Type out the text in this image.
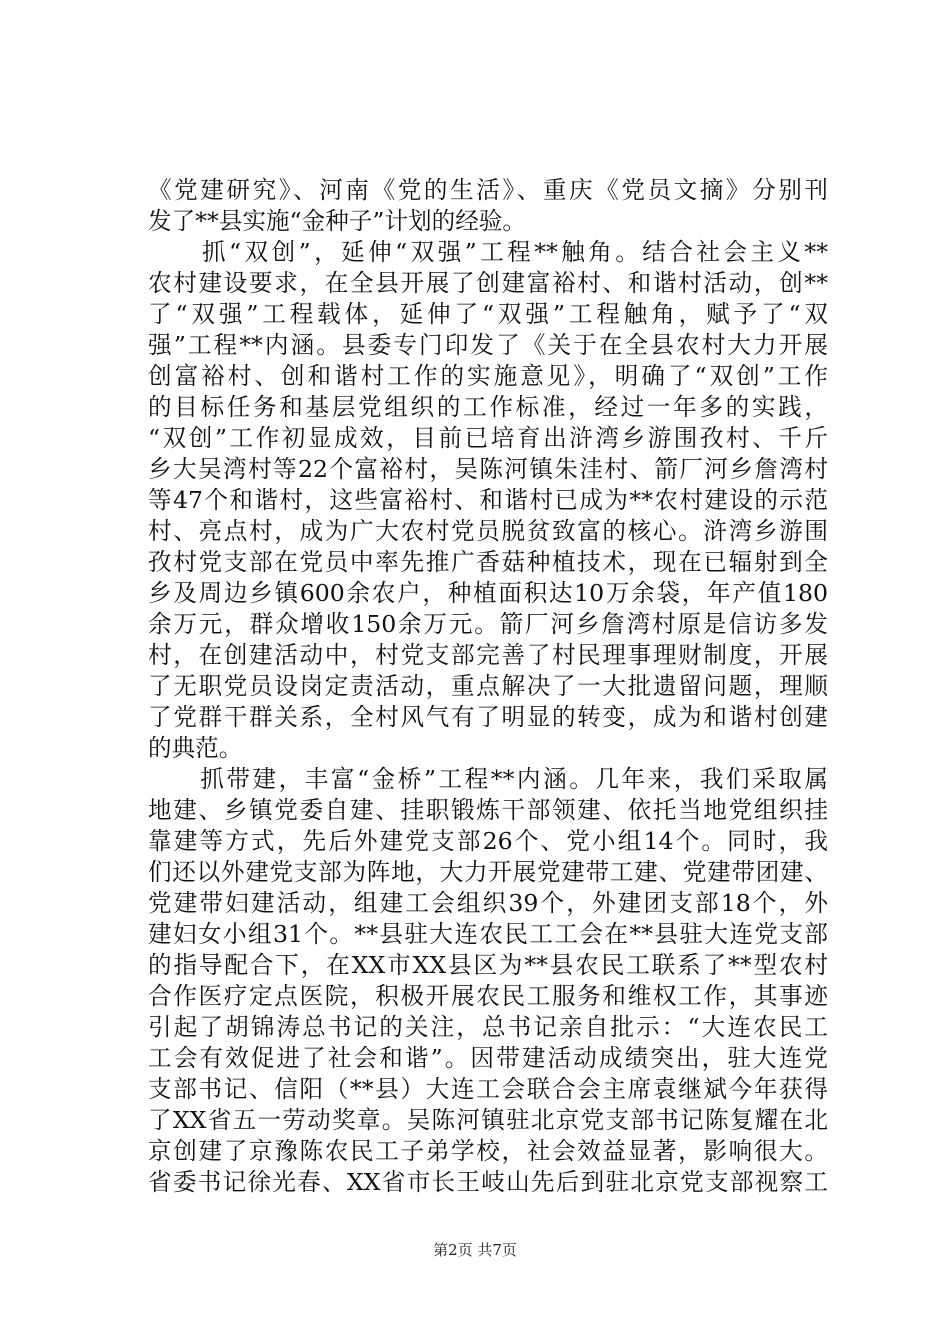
《党建研究》、河南《党的生活》、重庆《党员文摘》分别刊
发了**县实施“金种子”计划的经验。
　　抓“双创”，延伸“双强”工程**触角。结合社会主义**
农村建设要求，在全县开展了创建富裕村、和谐村活动，创**
了“双强”工程载体，延伸了“双强”工程触角，赋予了“双
强”工程**内涵。县委专门印发了《关于在全县农村大力开展
创富裕村、创和谐村工作的实施意见》，明确了“双创”工作
的目标任务和基层党组织的工作标准，经过一年多的实践，
“双创”工作初显成效，目前已培育出浒湾乡游围孜村、千斤
乡大吴湾村等22个富裕村，吴陈河镇朱洼村、箭厂河乡詹湾村
等47个和谐村，这些富裕村、和谐村已成为**农村建设的示范
村、亮点村，成为广大农村党员脱贫致富的核心。浒湾乡游围
孜村党支部在党员中率先推广香菇种植技术，现在已辐射到全
乡及周边乡镇600余农户，种植面积达10万余袋，年产值180
余万元，群众增收150余万元。箭厂河乡詹湾村原是信访多发
村，在创建活动中，村党支部完善了村民理事理财制度，开展
了无职党员设岗定责活动，重点解决了一大批遗留问题，理顺
了党群干群关系，全村风气有了明显的转变，成为和谐村创建
的典范。
　　抓带建，丰富“金桥”工程**内涵。几年来，我们采取属
地建、乡镇党委自建、挂职锻炼干部领建、依托当地党组织挂
靠建等方式，先后外建党支部26个、党小组14个。同时，我
们还以外建党支部为阵地，大力开展党建带工建、党建带团建、
党建带妇建活动，组建工会组织39个，外建团支部18个，外
建妇女小组31个。**县驻大连农民工工会在**县驻大连党支部
的指导配合下，在XX市XX县区为**县农民工联系了**型农村
合作医疗定点医院，积极开展农民工服务和维权工作，其事迹
引起了胡锦涛总书记的关注，总书记亲自批示：“大连农民工
工会有效促进了社会和谐”。因带建活动成绩突出，驻大连党
支部书记、信阳（**县）大连工会联合会主席袁继斌今年获得
了XX省五一劳动奖章。吴陈河镇驻北京党支部书记陈复耀在北
京创建了京豫陈农民工子弟学校，社会效益显著，影响很大。
省委书记徐光春、XX省市长王岐山先后到驻北京党支部视察工
第2页 共7页
